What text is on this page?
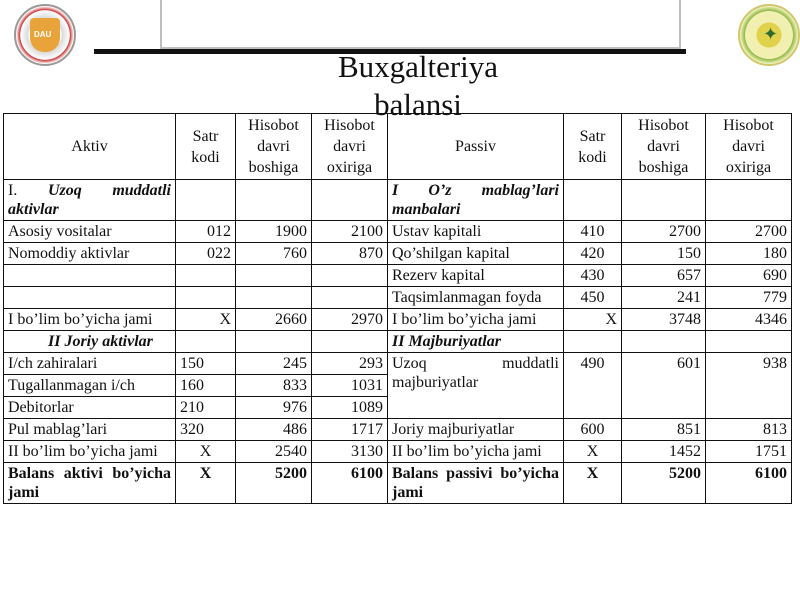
DAU	✦
Buxgalteriya balansi
Aktiv	Satr kodi	Hisobot davri boshiga	Hisobot davri oxiriga	Passiv	Satr kodi	Hisobot davri boshiga	Hisobot davri oxiriga
I. Uzoq muddatli aktivlar				I O’z mablag’lari manbalari			
Asosiy vositalar	012	1900	2100	Ustav kapitali	410	2700	2700
Nomoddiy aktivlar	022	760	870	Qo’shilgan kapital	420	150	180
				Rezerv kapital	430	657	690
				Taqsimlanmagan foyda	450	241	779
I bo’lim bo’yicha jami	X	2660	2970	I bo’lim bo’yicha jami	X	3748	4346
II Joriy aktivlar				II Majburiyatlar			
I/ch zahiralari	150	245	293	Uzoq muddatli majburiyatlar	490	601	938
Tugallanmagan i/ch	160	833	1031				
Debitorlar	210	976	1089				
Pul mablag’lari	320	486	1717	Joriy majburiyatlar	600	851	813
II bo’lim bo’yicha jami	X	2540	3130	II bo’lim bo’yicha jami	X	1452	1751
Balans aktivi bo’yicha jami	X	5200	6100	Balans passivi bo’yicha jami	X	5200	6100
